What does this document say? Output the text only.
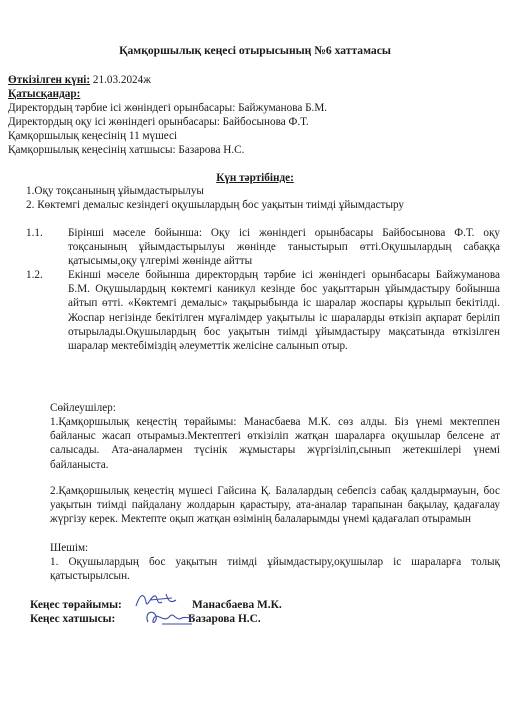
Қамқоршылық кеңесі отырысының №6 хаттамасы
Өткізілген күні: 21.03.2024ж
Қатысқандар:
Директордың тәрбие ісі жөніндегі орынбасары: Байжуманова Б.М.
Директордың оқу ісі жөніндегі орынбасары: Байбосынова Ф.Т.
Қамқоршылық кеңесінің 11 мүшесі
Қамқоршылық кеңесінің хатшысы: Базарова Н.С.
Күн тәртібінде:
1.Оқу тоқсанының ұйымдастырылуы
2. Көктемгі демалыс кезіндегі оқушылардың бос уақытын тиімді ұйымдастыру
1.1. Бірінші мәселе бойынша: Оқу ісі жөніндегі орынбасары Байбосынова Ф.Т. оқу тоқсанының ұйымдастырылуы жөнінде таныстырып өтті.Оқушылардың сабаққа қатысымы,оқу үлгерімі жөнінде айтты
1.2. Екінші мәселе бойынша директордың тәрбие ісі жөніндегі орынбасары Байжуманова Б.М. Оқушылардың көктемгі каникул кезінде бос уақыттарын ұйымдастыру бойынша айтып өтті. «Көктемгі демалыс» тақырыбында іс шаралар жоспары құрылып бекітілді. Жоспар негізінде бекітілген мұғалімдер уақытылы іс шараларды өткізіп ақпарат беріліп отырылады.Оқушылардың бос уақытын тиімді ұйымдастыру мақсатында өткізілген шаралар мектебіміздің әлеуметтік желісіне салынып отыр.
Сөйлеушілер:
1.Қамқоршылық кеңестің төрайымы: Манасбаева М.К. сөз алды. Біз үнемі мектеппен байланыс жасап отырамыз.Мектептегі өткізіліп жатқан шараларға оқушылар белсене ат салысады. Ата-аналармен түсінік жұмыстары жүргізіліп,сынып жетекшілері үнемі байланыста.
2.Қамқоршылық кеңестің мүшесі Гайсина Қ. Балалардың себепсіз сабақ қалдырмауын, бос уақытын тиімді пайдалану жолдарын қарастыру, ата-аналар тарапынан бақылау, қадағалау жүргізу керек. Мектепте оқып жатқан өзімінің балаларымды үнемі қадағалап отырамын
Шешім:
1. Оқушылардың бос уақытын тиімді ұйымдастыру,оқушылар іс шараларға толық қатыстырылсын.
Кеңес төрайымы:	Манасбаева М.К.
Кеңес хатшысы:	Базарова Н.С.
